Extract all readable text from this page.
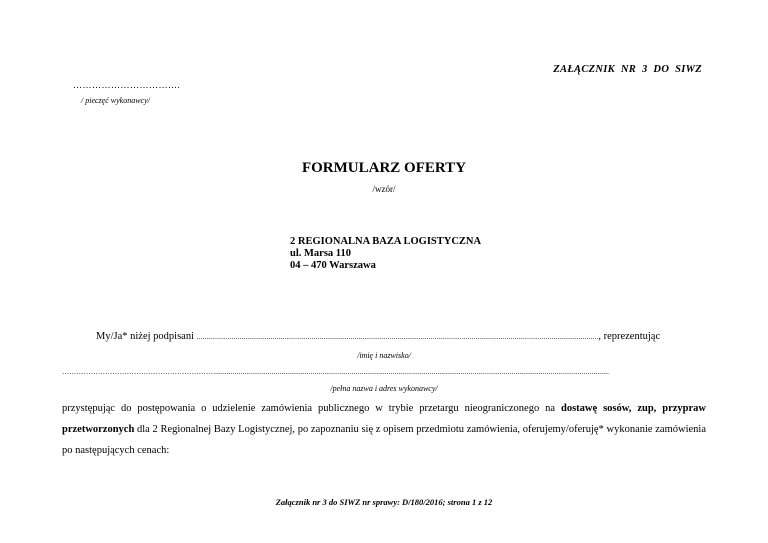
ZAŁĄCZNIK NR 3 DO SIWZ
…………………………….
/ pieczęć wykonawcy/
FORMULARZ OFERTY
/wzór/
2 REGIONALNA BAZA LOGISTYCZNA
ul. Marsa 110
04 – 470 Warszawa
My/Ja* niżej podpisani .............................................................................................................................................................................................................., reprezentując
/imię i nazwisko/
………………………………………………………...........................................................................................................................................................................................................
/pełna nazwa i adres wykonawcy/
przystępując do postępowania o udzielenie zamówienia publicznego w trybie przetargu nieograniczonego na dostawę sosów, zup, przypraw przetworzonych dla 2 Regionalnej Bazy Logistycznej, po zapoznaniu się z opisem przedmiotu zamówienia, oferujemy/oferuję* wykonanie zamówienia po następujących cenach:
Załącznik nr 3 do SIWZ nr sprawy: D/180/2016; strona 1 z 12
